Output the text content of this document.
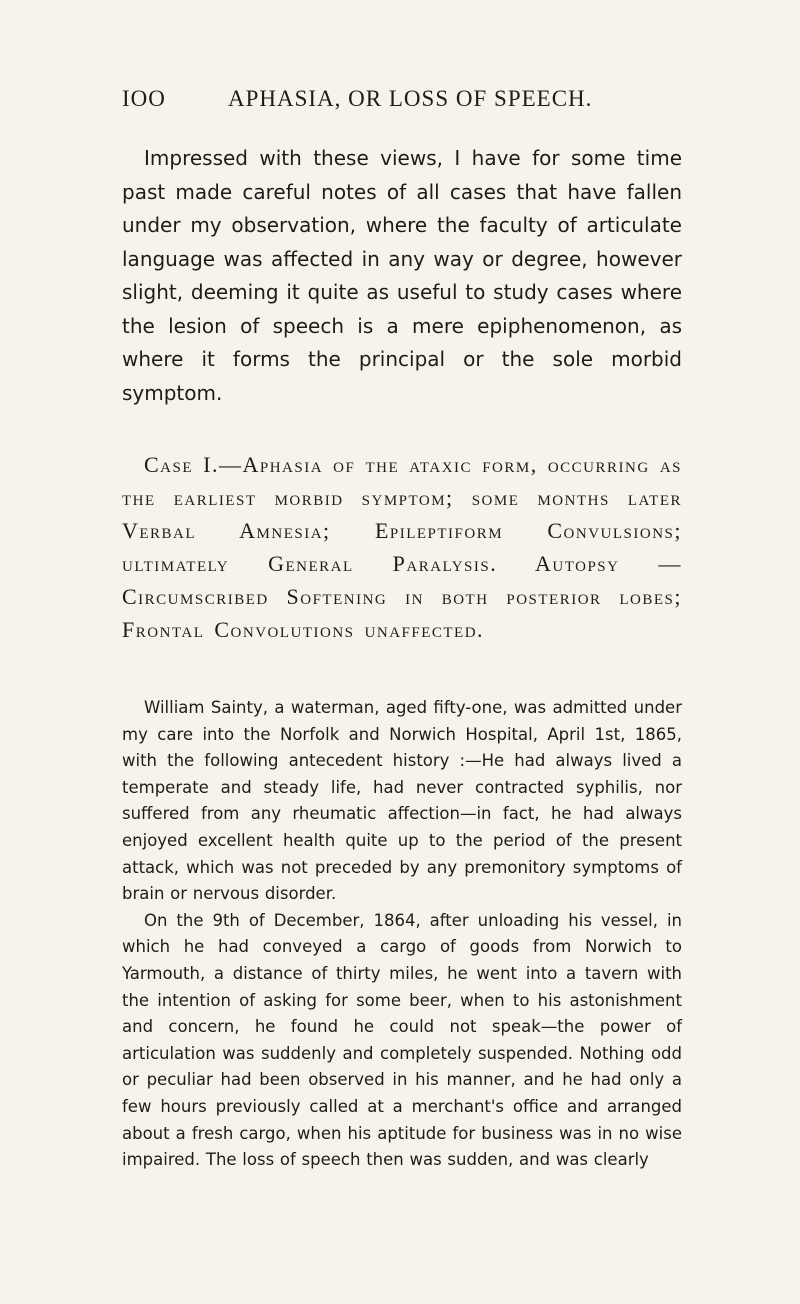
IOO	APHASIA, OR LOSS OF SPEECH.

Impressed with these views, I have for some time past made careful notes of all cases that have fallen under my observation, where the faculty of articulate language was affected in any way or degree, however slight, deeming it quite as useful to study cases where the lesion of speech is a mere epiphenomenon, as where it forms the principal or the sole morbid symptom.

Case I.—Aphasia of the ataxic form, occurring as the earliest morbid symptom; some months later Verbal Amnesia; Epileptiform Convulsions; ultimately General Paralysis. Autopsy — Circumscribed Softening in both posterior lobes; Frontal Convolutions unaffected.

William Sainty, a waterman, aged fifty-one, was admitted under my care into the Norfolk and Norwich Hospital, April 1st, 1865, with the following antecedent history :—He had always lived a temperate and steady life, had never contracted syphilis, nor suffered from any rheumatic affection—in fact, he had always enjoyed excellent health quite up to the period of the present attack, which was not preceded by any premonitory symptoms of brain or nervous disorder.

On the 9th of December, 1864, after unloading his vessel, in which he had conveyed a cargo of goods from Norwich to Yarmouth, a distance of thirty miles, he went into a tavern with the intention of asking for some beer, when to his astonishment and concern, he found he could not speak—the power of articulation was suddenly and completely suspended. Nothing odd or peculiar had been observed in his manner, and he had only a few hours previously called at a merchant's office and arranged about a fresh cargo, when his aptitude for business was in no wise impaired. The loss of speech then was sudden, and was clearly
